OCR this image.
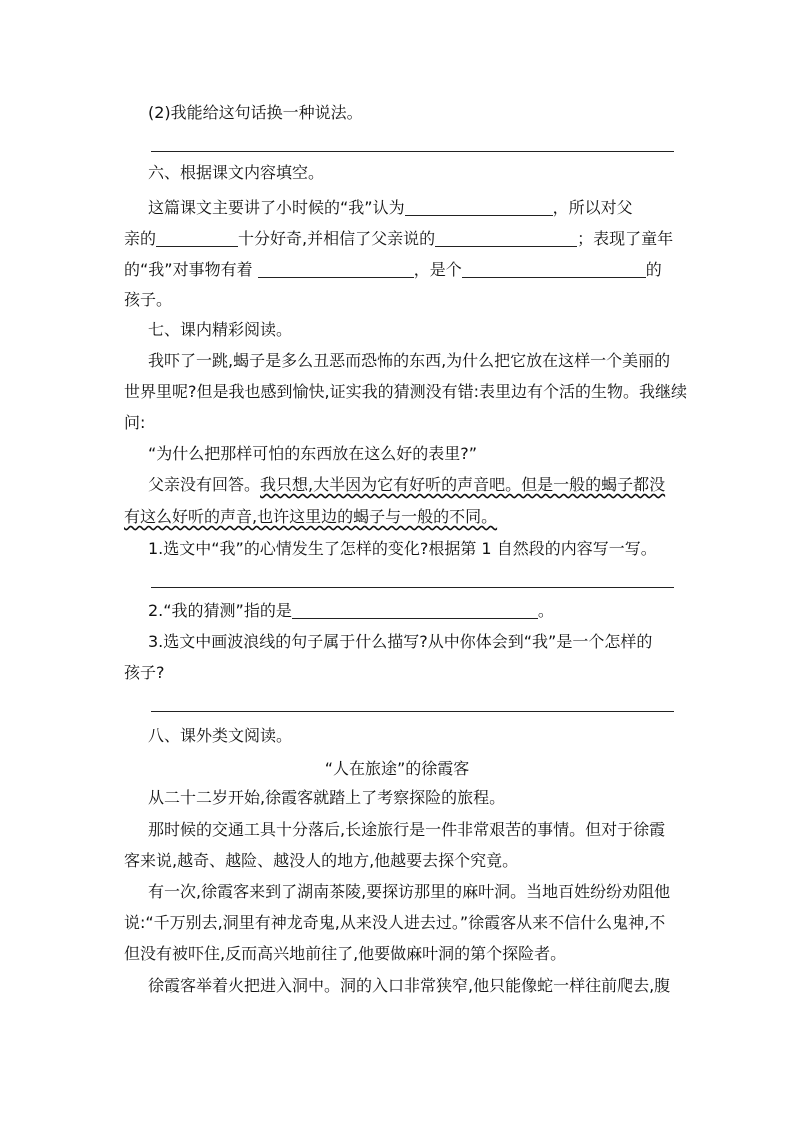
(2)我能给这句话换一种说法。
六、根据课文内容填空。
这篇课文主要讲了小时候的“我”认为	，所以对父
亲的	十分好奇,并相信了父亲说的	；表现了童年
的“我”对事物有着	，是个	的
孩子。
七、课内精彩阅读。
我吓了一跳,蝎子是多么丑恶而恐怖的东西,为什么把它放在这样一个美丽的
世界里呢?但是我也感到愉快,证实我的猜测没有错:表里边有个活的生物。我继续
问:
“为什么把那样可怕的东西放在这么好的表里?”
父亲没有回答。我只想,大半因为它有好听的声音吧。但是一般的蝎子都没
有这么好听的声音,也许这里边的蝎子与一般的不同。
1.选文中“我”的心情发生了怎样的变化?根据第 1 自然段的内容写一写。
2.“我的猜测”指的是	。
3.选文中画波浪线的句子属于什么描写?从中你体会到“我”是一个怎样的
孩子?
八、课外类文阅读。
“人在旅途”的徐霞客
从二十二岁开始,徐霞客就踏上了考察探险的旅程。
那时候的交通工具十分落后,长途旅行是一件非常艰苦的事情。但对于徐霞
客来说,越奇、越险、越没人的地方,他越要去探个究竟。
有一次,徐霞客来到了湖南茶陵,要探访那里的麻叶洞。当地百姓纷纷劝阻他
说:“千万别去,洞里有神龙奇鬼,从来没人进去过。”徐霞客从来不信什么鬼神,不
但没有被吓住,反而高兴地前往了,他要做麻叶洞的第个探险者。
徐霞客举着火把进入洞中。洞的入口非常狭窄,他只能像蛇一样往前爬去,腹
